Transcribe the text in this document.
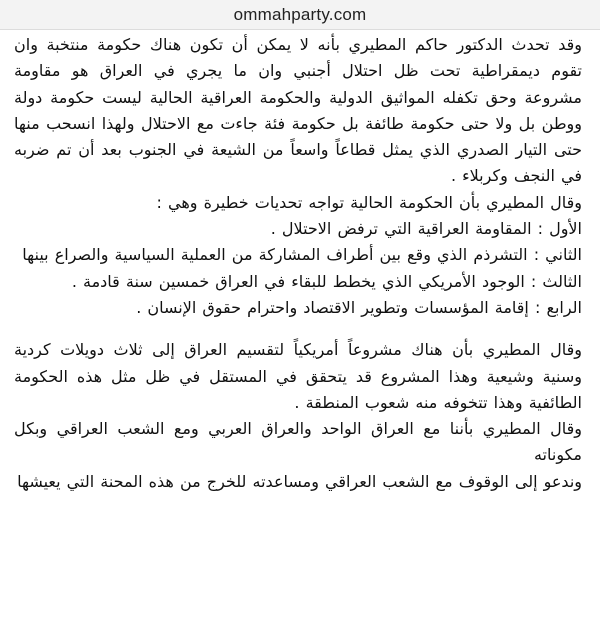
ommahparty.com

وقد تحدث الدكتور حاكم المطيري بأنه لا يمكن أن تكون هناك حكومة منتخبة وان تقوم ديمقراطية تحت ظل احتلال أجنبي وان ما يجري في العراق هو مقاومة مشروعة وحق تكفله المواثيق الدولية والحكومة العراقية الحالية ليست حكومة دولة ووطن بل ولا حتى حكومة طائفة بل حكومة فئة جاءت مع الاحتلال ولهذا انسحب منها حتى التيار الصدري الذي يمثل قطاعاً واسعاً من الشيعة في الجنوب بعد أن تم ضربه في النجف وكربلاء .

وقال المطيري بأن الحكومة الحالية تواجه تحديات خطيرة وهي :

الأول : المقاومة العراقية التي ترفض الاحتلال .

الثاني : التشرذم الذي وقع بين أطراف المشاركة من العملية السياسية والصراع بينها

الثالث : الوجود الأمريكي الذي يخطط للبقاء في العراق خمسين سنة قادمة .

الرابع : إقامة المؤسسات وتطوير الاقتصاد واحترام حقوق الإنسان .

وقال المطيري بأن هناك مشروعاً أمريكياً لتقسيم العراق إلى ثلاث دويلات كردية وسنية وشيعية وهذا المشروع قد يتحقق في المستقل في ظل مثل هذه الحكومة الطائفية وهذا تتخوفه منه شعوب المنطقة .

وقال المطيري بأننا مع العراق الواحد والعراق العربي ومع الشعب العراقي وبكل مكوناته

وندعو إلى الوقوف مع الشعب العراقي ومساعدته للخرج من هذه المحنة التي يعيشها
